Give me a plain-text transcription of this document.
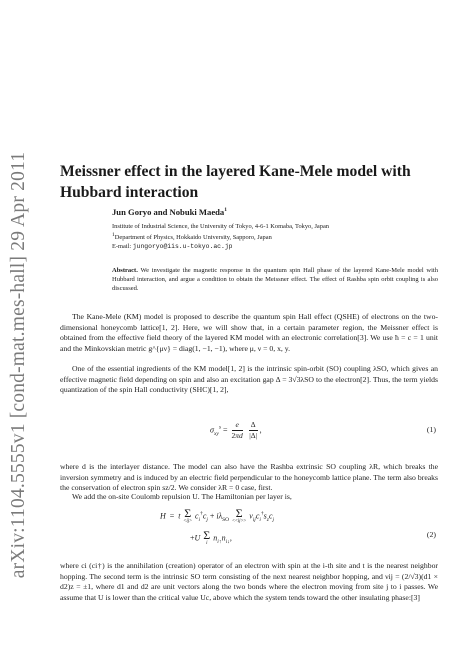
arXiv:1104.5555v1 [cond-mat.mes-hall] 29 Apr 2011 Meissner effect in the layered Kane-Mele model with Hubbard interaction

Jun Goryo and Nobuki Maeda$^1$

Institute of Industrial Science, the University of Tokyo, 4-6-1 Komaba, Tokyo, Japan
1Department of Physics, Hokkaido University, Sapporo, Japan

E-mail: jungoryo@iis.u-tokyo.ac.jp

Abstract. We investigate the magnetic response in the quantum spin Hall phase of the layered Kane-Mele model with Hubbard interaction, and argue a condition to obtain the Meissner effect. The effect of Rashba spin orbit coupling is also discussed.

The Kane-Mele (KM) model is proposed to describe the quantum spin Hall effect (QSHE) of electrons on the two-dimensional honeycomb lattice[1, 2]. Here, we will show that, in a certain parameter region, the Meissner effect is obtained from the effective field theory of the layered KM model with an electronic correlation[3]. We use ħ = c = 1 unit and the Minkovskian metric g^{μν} = diag(1, −1, −1), where μ, ν = 0, x, y.

One of the essential ingredients of the KM model[1, 2] is the intrinsic spin-orbit (SO) coupling λSO, which gives an effective magnetic field depending on spin and also an excitation gap Δ = 3√3λSO to the electron[2]. Thus, the term yields quantization of the spin Hall conductivity (SHC)[1, 2],

$\sigma_{xy}^s = \frac{e}{2\pi d}$
$\frac{\Delta}{|\Delta|}$ ,	(1)

where d is the interlayer distance. The model can also have the Rashba extrinsic SO coupling λR, which breaks the inversion symmetry and is induced by an electric field perpendicular to the honeycomb lattice plane. The term also breaks the conservation of electron spin sz/2. We consider λR = 0 case, first.

We add the on-site Coulomb repulsion U. The Hamiltonian per layer is,

H  =  t Σ
<ij>
$c_i^\dagger c_j + i\lambda_{SO}$ Σ
<<ij>>
$\nu_{ij}c_i^\dagger s_zc_j$
+U Σ
i
$n_{i↑}n_{i↓}$,	(2)

where ci (ci†) is the annihilation (creation) operator of an electron with spin at the i-th site and t is the nearest neighbor hopping. The second term is the intrinsic SO term consisting of the next nearest neighbor hopping, and νij = (2/√3)(d1 × d2)z = ±1, where d1 and d2 are unit vectors along the two bonds where the electron moving from site j to i passes. We assume that U is lower than the critical value Uc, above which the system tends toward the other insulating phase:[3]
